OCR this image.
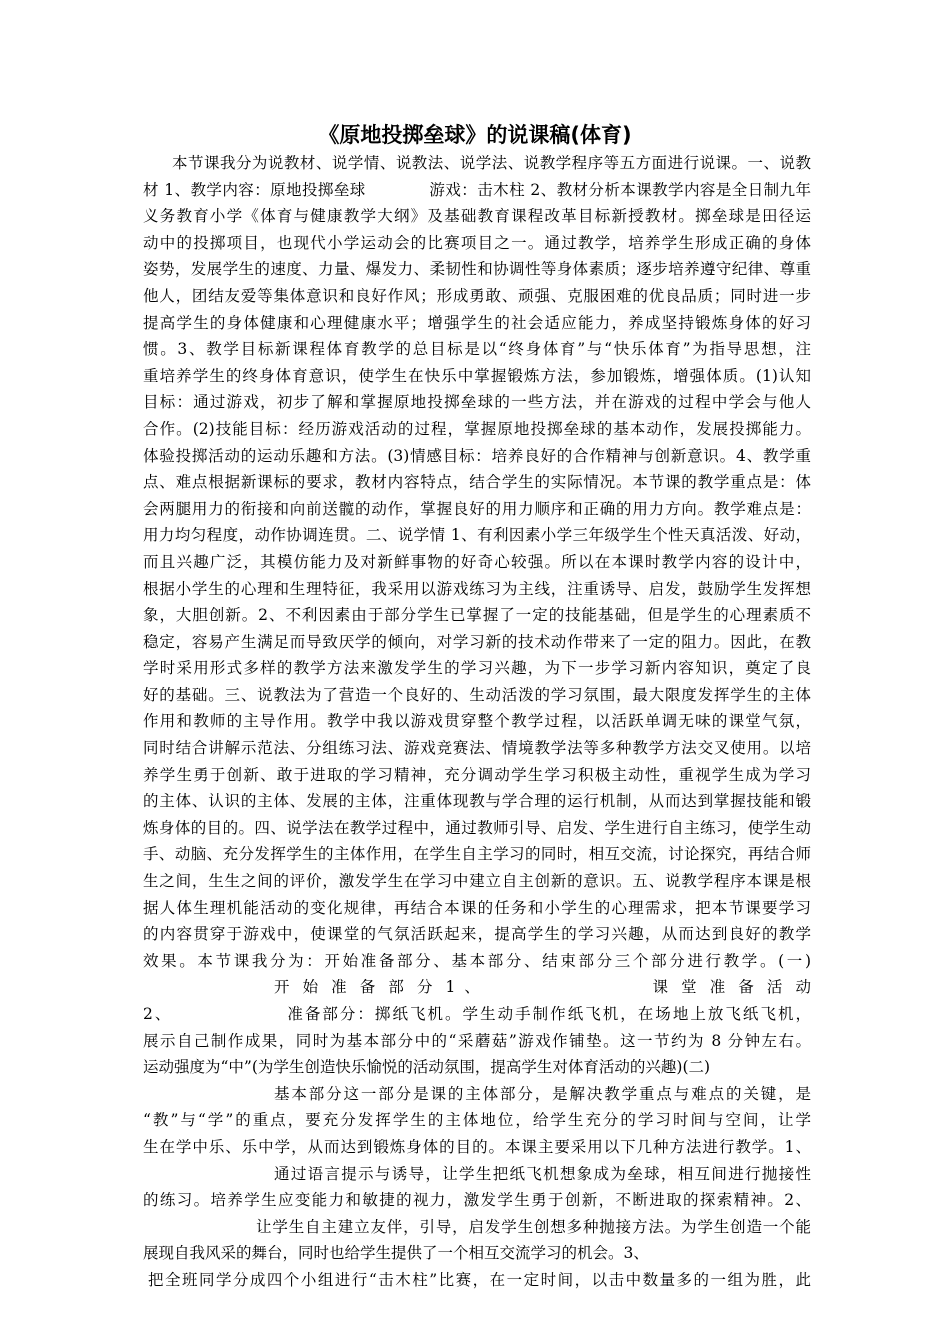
《原地投掷垒球》的说课稿(体育)
本节课我分为说教材、说学情、说教法、说学法、说教学程序等五方面进行说课。一、说教
材 1、教学内容：原地投掷垒球　　　　游戏：击木柱 2、教材分析本课教学内容是全日制九年
义务教育小学《体育与健康教学大纲》及基础教育课程改革目标新授教材。掷垒球是田径运
动中的投掷项目，也现代小学运动会的比赛项目之一。通过教学，培养学生形成正确的身体
姿势，发展学生的速度、力量、爆发力、柔韧性和协调性等身体素质；逐步培养遵守纪律、尊重
他人，团结友爱等集体意识和良好作风；形成勇敢、顽强、克服困难的优良品质；同时进一步
提高学生的身体健康和心理健康水平；增强学生的社会适应能力，养成坚持锻炼身体的好习
惯。3、教学目标新课程体育教学的总目标是以“终身体育”与“快乐体育”为指导思想，注
重培养学生的终身体育意识，使学生在快乐中掌握锻炼方法，参加锻炼，增强体质。(1)认知
目标：通过游戏，初步了解和掌握原地投掷垒球的一些方法，并在游戏的过程中学会与他人
合作。(2)技能目标：经历游戏活动的过程，掌握原地投掷垒球的基本动作，发展投掷能力。
体验投掷活动的运动乐趣和方法。(3)情感目标：培养良好的合作精神与创新意识。4、教学重
点、难点根据新课标的要求，教材内容特点，结合学生的实际情况。本节课的教学重点是：体
会两腿用力的衔接和向前送髋的动作，掌握良好的用力顺序和正确的用力方向。教学难点是：
用力均匀程度，动作协调连贯。二、说学情 1、有利因素小学三年级学生个性天真活泼、好动，
而且兴趣广泛，其模仿能力及对新鲜事物的好奇心较强。所以在本课时教学内容的设计中，
根据小学生的心理和生理特征，我采用以游戏练习为主线，注重诱导、启发，鼓励学生发挥想
象，大胆创新。2、不利因素由于部分学生已掌握了一定的技能基础，但是学生的心理素质不
稳定，容易产生满足而导致厌学的倾向，对学习新的技术动作带来了一定的阻力。因此，在教
学时采用形式多样的教学方法来激发学生的学习兴趣，为下一步学习新内容知识，奠定了良
好的基础。三、说教法为了营造一个良好的、生动活泼的学习氛围，最大限度发挥学生的主体
作用和教师的主导作用。教学中我以游戏贯穿整个教学过程，以活跃单调无味的课堂气氛，
同时结合讲解示范法、分组练习法、游戏竞赛法、情境教学法等多种教学方法交叉使用。以培
养学生勇于创新、敢于进取的学习精神，充分调动学生学习积极主动性，重视学生成为学习
的主体、认识的主体、发展的主体，注重体现教与学合理的运行机制，从而达到掌握技能和锻
炼身体的目的。四、说学法在教学过程中，通过教师引导、启发、学生进行自主练习，使学生动
手、动脑、充分发挥学生的主体作用，在学生自主学习的同时，相互交流，讨论探究，再结合师
生之间，生生之间的评价，激发学生在学习中建立自主创新的意识。五、说教学程序本课是根
据人体生理机能活动的变化规律，再结合本课的任务和小学生的心理需求，把本节课要学习
的内容贯穿于游戏中，使课堂的气氛活跃起来，提高学生的学习兴趣，从而达到良好的教学
效果。本节课我分为：开始准备部分、基本部分、结束部分三个部分进行教学。(一)
开 始 准 备 部 分 1 、　　　　　　　　　课 堂 准 备 活 动
2、　　　　　　　准备部分：掷纸飞机。学生动手制作纸飞机，在场地上放飞纸飞机，
展示自己制作成果，同时为基本部分中的“采蘑菇”游戏作铺垫。这一节约为 8 分钟左右。
运动强度为“中”(为学生创造快乐愉悦的活动氛围，提高学生对体育活动的兴趣)(二)
基本部分这一部分是课的主体部分，是解决教学重点与难点的关键，是
“教”与“学”的重点，要充分发挥学生的主体地位，给学生充分的学习时间与空间，让学
生在学中乐、乐中学，从而达到锻炼身体的目的。本课主要采用以下几种方法进行教学。1、
通过语言提示与诱导，让学生把纸飞机想象成为垒球，相互间进行抛接性
的练习。培养学生应变能力和敏捷的视力，激发学生勇于创新，不断进取的探索精神。2、
让学生自主建立友伴，引导，启发学生创想多种抛接方法。为学生创造一个能
展现自我风采的舞台，同时也给学生提供了一个相互交流学习的机会。3、
把全班同学分成四个小组进行“击木柱”比赛，在一定时间，以击中数量多的一组为胜，此
